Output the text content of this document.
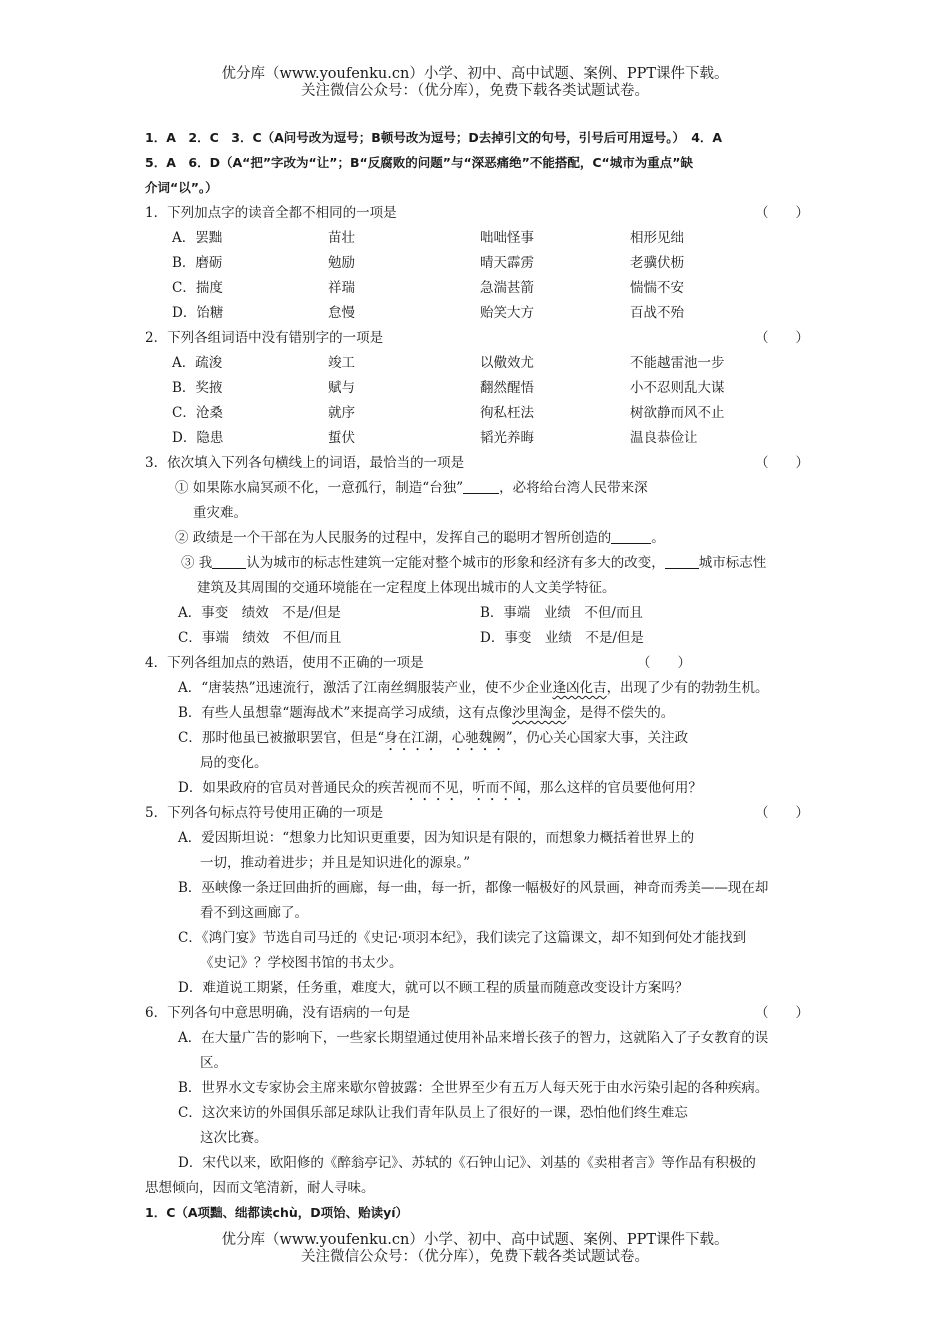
优分库（www.youfenku.cn）小学、初中、高中试题、案例、PPT课件下载。
关注微信公众号：（优分库），免费下载各类试题试卷。
1．A　2．C　3．C（A问号改为逗号；B顿号改为逗号；D去掉引文的句号，引号后可用逗号。）　4．A
5．A　6．D（A“把”字改为“让”；B“反腐败的问题”与“深恶痛绝”不能搭配，C“城市为重点”缺
介词“以”。）
1．下列加点字的读音全都不相同的一项是	（　　）
A．罢黜	苗壮	咄咄怪事	相形见绌
B．磨砺	勉励	晴天霹雳	老骥伏枥
C．揣度	祥瑞	急湍甚箭	惴惴不安
D．饴糖	怠慢	贻笑大方	百战不殆
2．下列各组词语中没有错别字的一项是	（　　）
A．疏浚	竣工	以儆效尤	不能越雷池一步
B．奖掖	赋与	翻然醒悟	小不忍则乱大谋
C．沧桑	就序	徇私枉法	树欲静而风不止
D．隐患	蜇伏	韬光养晦	温良恭俭让
3．依次填入下列各句横线上的词语，最恰当的一项是	（　　）
① 如果陈水扁冥顽不化，一意孤行，制造“台独”	，必将给台湾人民带来深
重灾难。
② 政绩是一个干部在为人民服务的过程中，发挥自己的聪明才智所创造的	。
③ 我	认为城市的标志性建筑一定能对整个城市的形象和经济有多大的改变，	城市标志性
建筑及其周围的交通环境能在一定程度上体现出城市的人文美学特征。
A．事变　绩效　不是/但是	B．事端　业绩　不但/而且
C．事端　绩效　不但/而且	D．事变　业绩　不是/但是
4．下列各组加点的熟语，使用不正确的一项是	（　　）
A．“唐装热”迅速流行，激活了江南丝绸服装产业，使不少企业逢凶化吉，出现了少有的勃勃生机。
B．有些人虽想靠“题海战术”来提高学习成绩，这有点像沙里淘金，是得不偿失的。
C．那时他虽已被撤职罢官，但是“身在江湖，心驰魏阙”，仍心关心国家大事，关注政
局的变化。
D．如果政府的官员对普通民众的疾苦视而不见，听而不闻，那么这样的官员要他何用？
5．下列各句标点符号使用正确的一项是	（　　）
A．爱因斯坦说：“想象力比知识更重要，因为知识是有限的，而想象力概括着世界上的
一切，推动着进步；并且是知识进化的源泉。”
B．巫峡像一条迂回曲折的画廊，每一曲，每一折，都像一幅极好的风景画，神奇而秀美——现在却
看不到这画廊了。
C．《鸿门宴》节选自司马迁的《史记·项羽本纪》，我们读完了这篇课文，却不知到何处才能找到
《史记》？学校图书馆的书太少。
D．难道说工期紧，任务重，难度大，就可以不顾工程的质量而随意改变设计方案吗？
6．下列各句中意思明确，没有语病的一句是	（　　）
A．在大量广告的影响下，一些家长期望通过使用补品来增长孩子的智力，这就陷入了子女教育的误
区。
B．世界水文专家协会主席来歇尔曾披露：全世界至少有五万人每天死于由水污染引起的各种疾病。
C．这次来访的外国俱乐部足球队让我们青年队员上了很好的一课，恐怕他们终生难忘
这次比赛。
D．宋代以来，欧阳修的《醉翁亭记》、苏轼的《石钟山记》、刘基的《卖柑者言》等作品有积极的
思想倾向，因而文笔清新，耐人寻味。
1．C（A项黜、绌都读chù，D项饴、贻读yí）
优分库（www.youfenku.cn）小学、初中、高中试题、案例、PPT课件下载。
关注微信公众号：（优分库），免费下载各类试题试卷。
